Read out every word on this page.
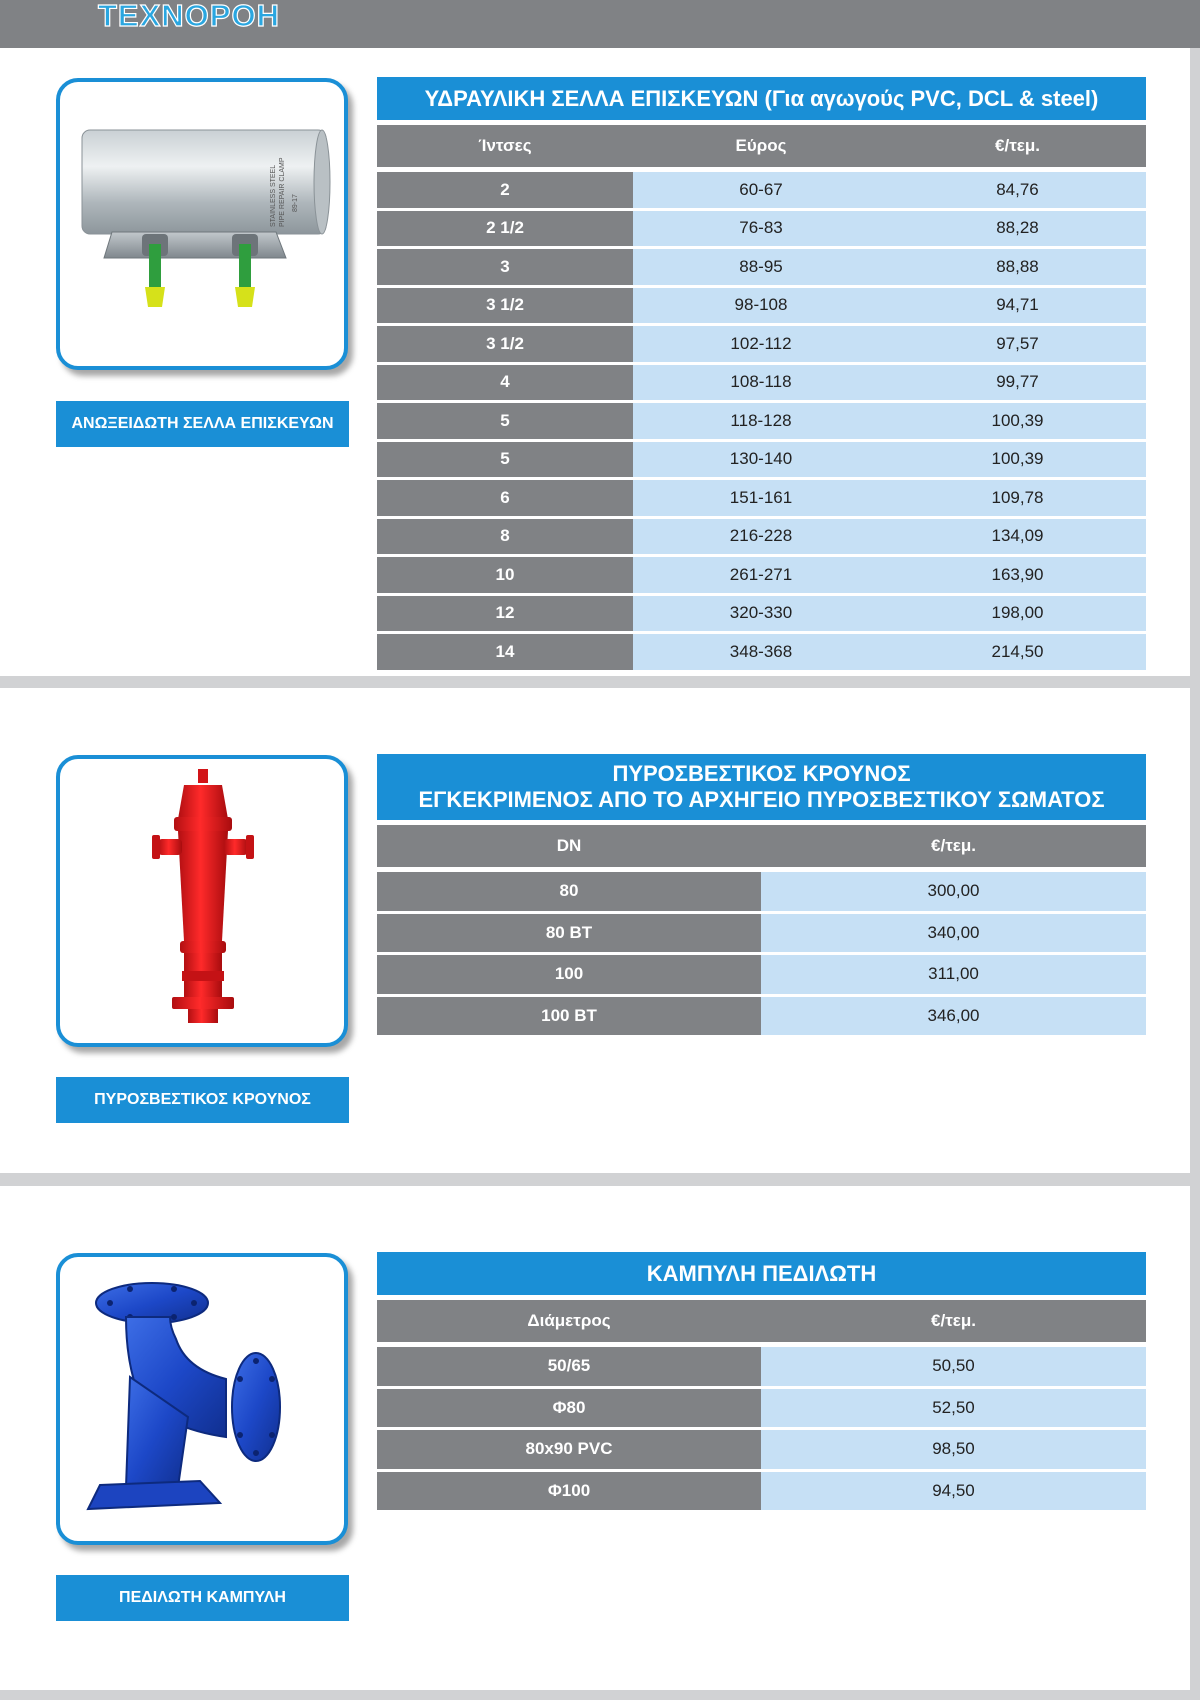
ΤΕΧΝΟΡΟΗ
STAINLESS STEEL PIPE REPAIR CLAMP 89-17
ΑΝΩΞΕΙΔΩΤΗ ΣΕΛΛΑ ΕΠΙΣΚΕΥΩΝ
ΥΔΡΑΥΛΙΚΗ ΣΕΛΛΑ ΕΠΙΣΚΕΥΩΝ (Για αγωγούς PVC, DCL & steel)
Ίντσες	Εύρος	€/τεμ.
2	60-67	84,76
2 1/2	76-83	88,28
3	88-95	88,88
3 1/2	98-108	94,71
3 1/2	102-112	97,57
4	108-118	99,77
5	118-128	100,39
5	130-140	100,39
6	151-161	109,78
8	216-228	134,09
10	261-271	163,90
12	320-330	198,00
14	348-368	214,50
ΠΥΡΟΣΒΕΣΤΙΚΟΣ ΚΡΟΥΝΟΣ
ΠΥΡΟΣΒΕΣΤΙΚΟΣ ΚΡΟΥΝΟΣ
ΕΓΚΕΚΡΙΜΕΝΟΣ ΑΠΟ ΤΟ ΑΡΧΗΓΕΙΟ ΠΥΡΟΣΒΕΣΤΙΚΟΥ ΣΩΜΑΤΟΣ
DN	€/τεμ.
80	300,00
80 BT	340,00
100	311,00
100 BT	346,00
ΠΕΔΙΛΩΤΗ ΚΑΜΠΥΛΗ
ΚΑΜΠΥΛΗ ΠΕΔΙΛΩΤΗ
Διάμετρος	€/τεμ.
50/65	50,50
Φ80	52,50
80x90 PVC	98,50
Φ100	94,50
